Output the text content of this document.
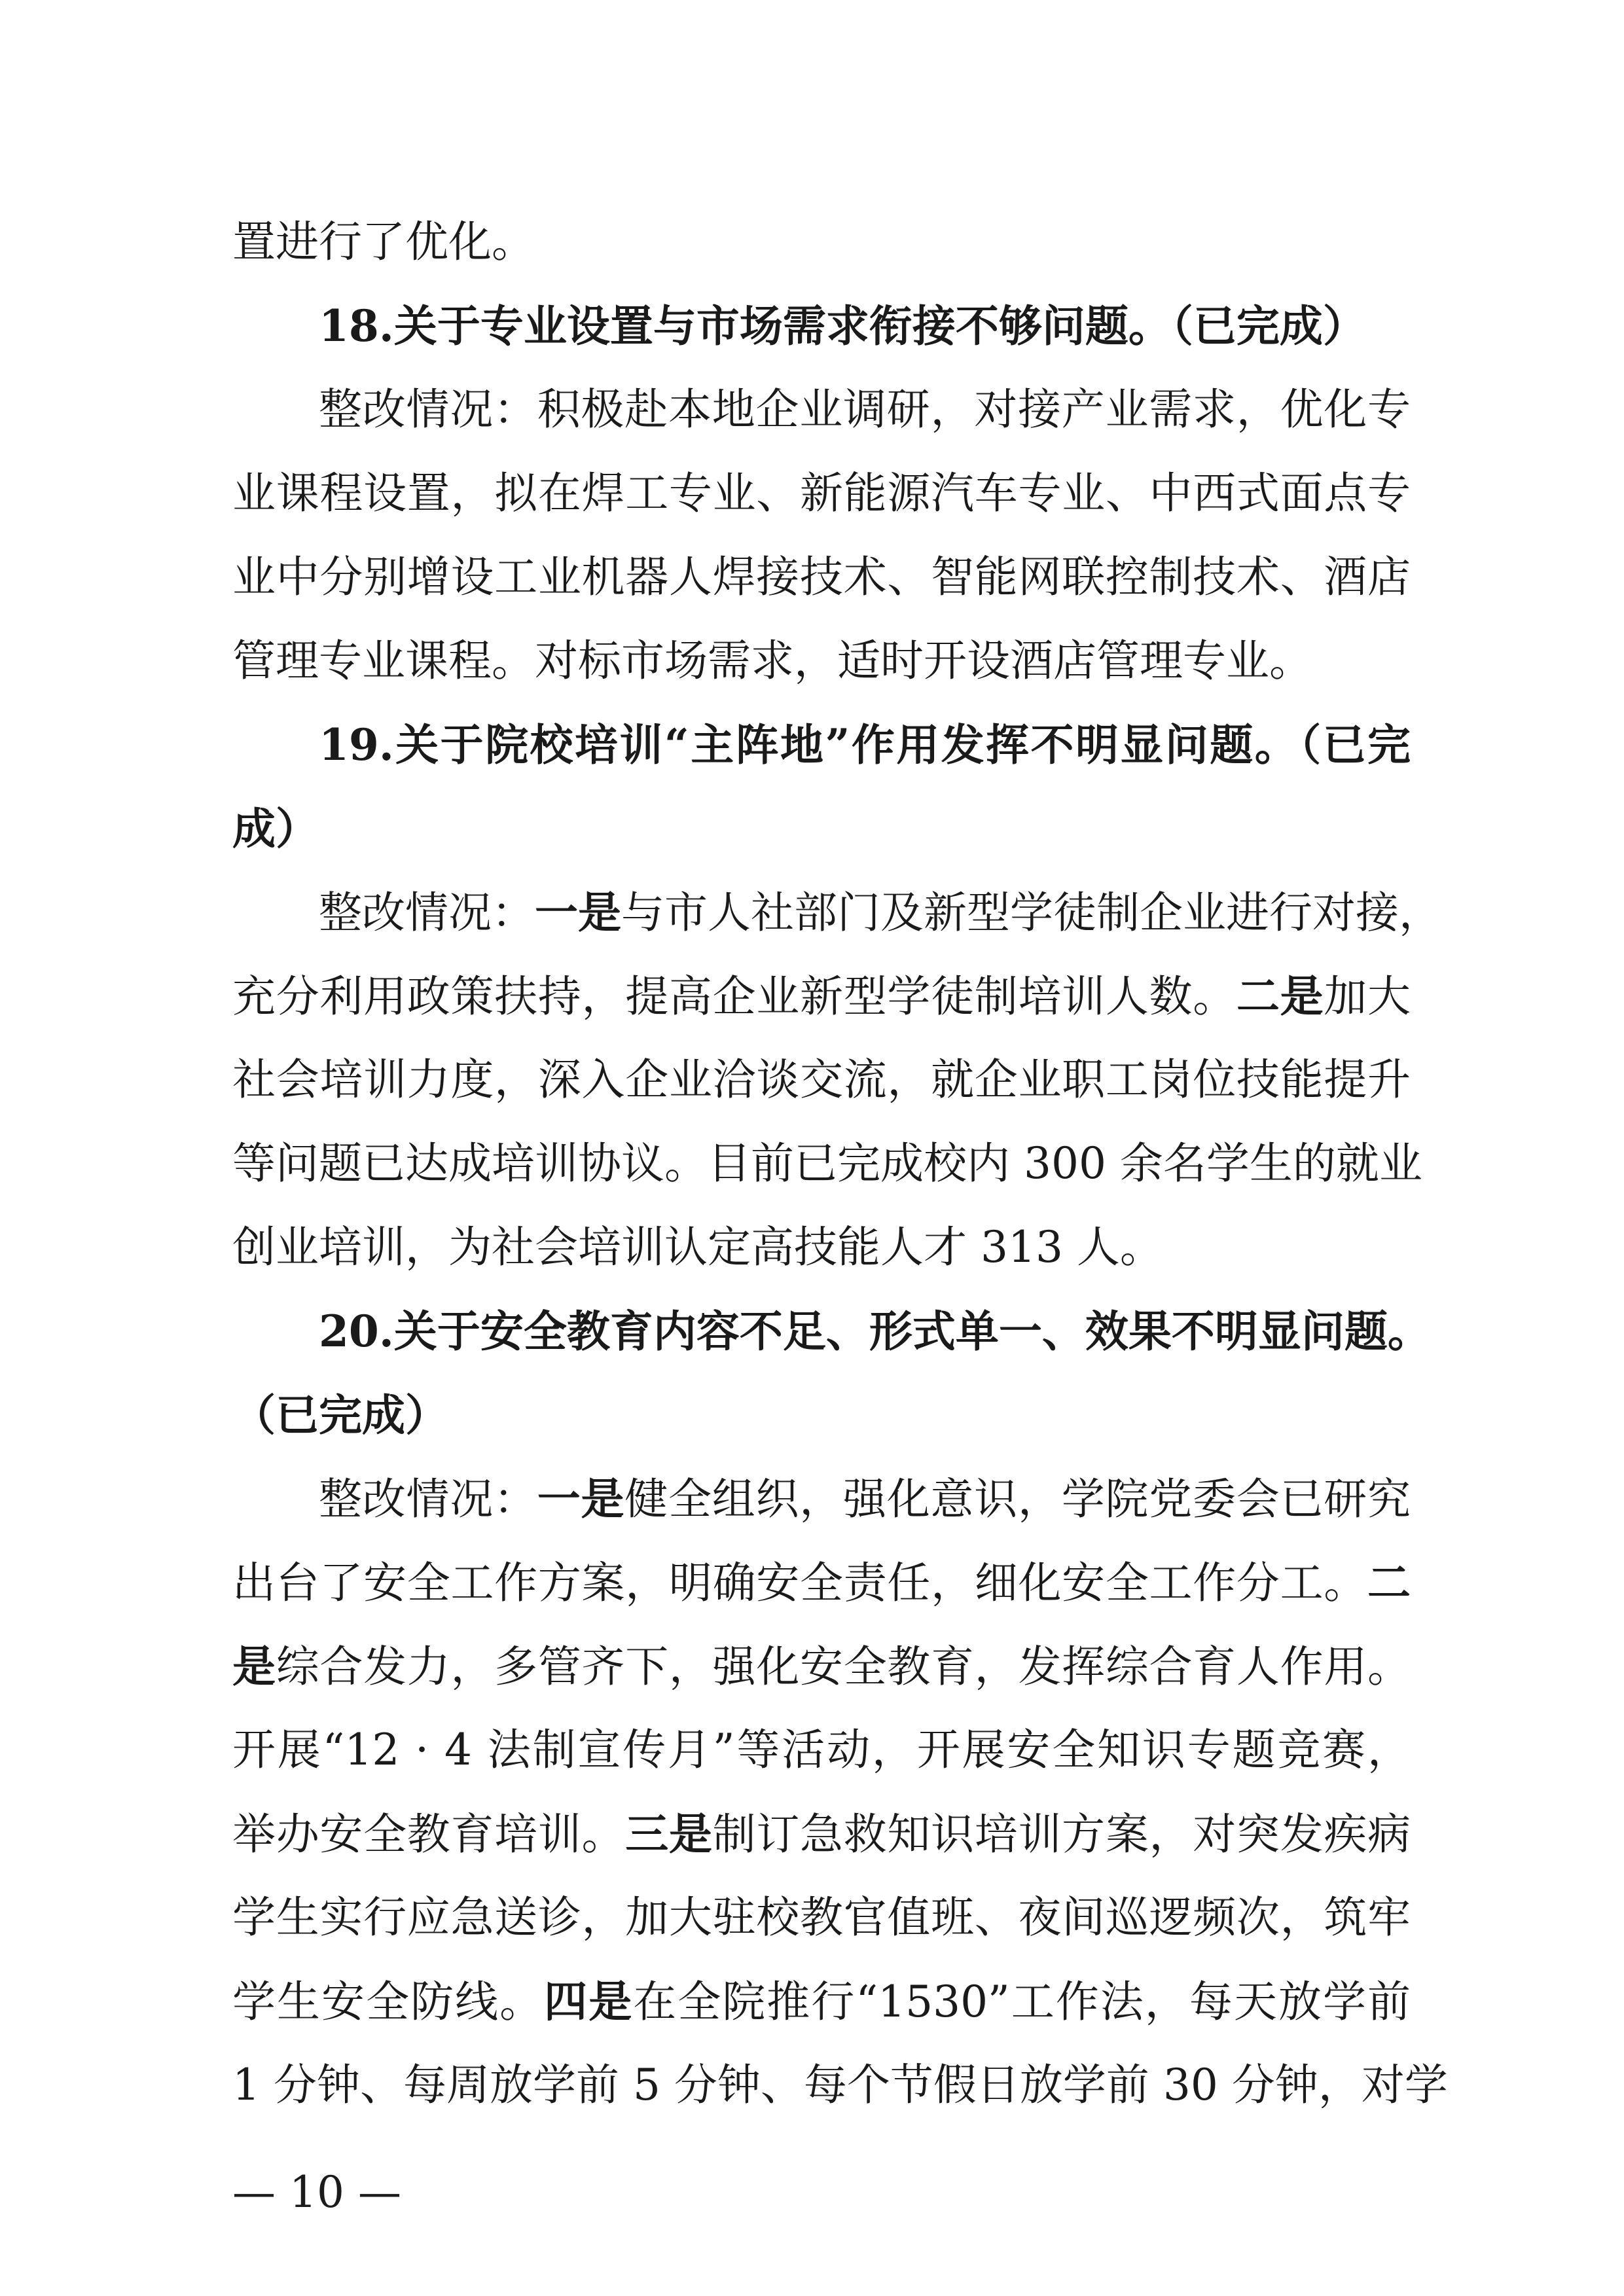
置进行了优化。
18.关于专业设置与市场需求衔接不够问题。（已完成）
整改情况：积极赴本地企业调研，对接产业需求，优化专
业课程设置，拟在焊工专业、新能源汽车专业、中西式面点专
业中分别增设工业机器人焊接技术、智能网联控制技术、酒店
管理专业课程。对标市场需求，适时开设酒店管理专业。
19.关于院校培训“主阵地”作用发挥不明显问题。（已完
成）
整改情况：一是与市人社部门及新型学徒制企业进行对接，
充分利用政策扶持，提高企业新型学徒制培训人数。二是加大
社会培训力度，深入企业洽谈交流，就企业职工岗位技能提升
等问题已达成培训协议。目前已完成校内 300 余名学生的就业
创业培训，为社会培训认定高技能人才 313 人。
20.关于安全教育内容不足、形式单一、效果不明显问题。
（已完成）
整改情况：一是健全组织，强化意识，学院党委会已研究
出台了安全工作方案，明确安全责任，细化安全工作分工。二
是综合发力，多管齐下，强化安全教育，发挥综合育人作用。
开展“12 · 4 法制宣传月”等活动，开展安全知识专题竞赛，
举办安全教育培训。三是制订急救知识培训方案，对突发疾病
学生实行应急送诊，加大驻校教官值班、夜间巡逻频次，筑牢
学生安全防线。四是在全院推行“1530”工作法，每天放学前
1 分钟、每周放学前 5 分钟、每个节假日放学前 30 分钟，对学
— 10 —
